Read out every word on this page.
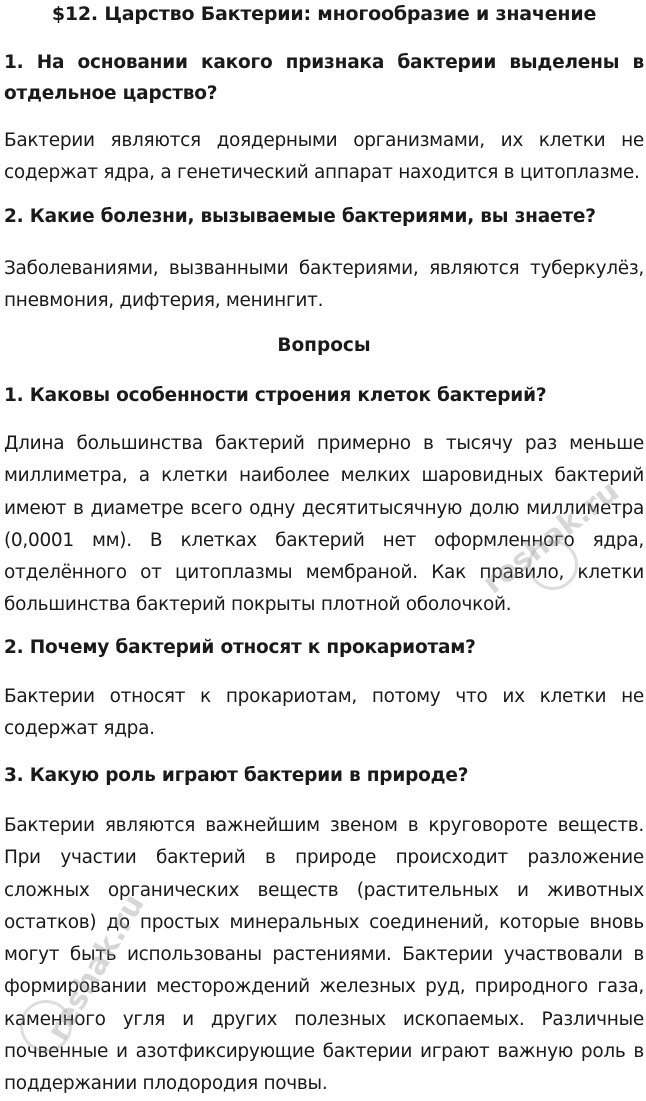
$12. Царство Бактерии: многообразие и значение
1. На основании какого признака бактерии выделены в отдельное царство?
Бактерии являются доядерными организмами, их клетки не содержат ядра, а генетический аппарат находится в цитоплазме.
2. Какие болезни, вызываемые бактериями, вы знаете?
Заболеваниями, вызванными бактериями, являются туберкулёз, пневмония, дифтерия, менингит.
Вопросы
1. Каковы особенности строения клеток бактерий?
Длина большинства бактерий примерно в тысячу раз меньше миллиметра, а клетки наиболее мелких шаровидных бактерий имеют в диаметре всего одну десятитысячную долю миллиметра (0,0001 мм). В клетках бактерий нет оформленного ядра, отделённого от цитоплазмы мембраной. Как правило, клетки большинства бактерий покрыты плотной оболочкой.
2. Почему бактерий относят к прокариотам?
Бактерии относят к прокариотам, потому что их клетки не содержат ядра.
3. Какую роль играют бактерии в природе?
Бактерии являются важнейшим звеном в круговороте веществ. При участии бактерий в природе происходит разложение сложных органических веществ (растительных и животных остатков) до простых минеральных соединений, которые вновь могут быть использованы растениями. Бактерии участвовали в формировании месторождений железных руд, природного газа, каменного угля и других полезных ископаемых. Различные почвенные и азотфиксирующие бактерии играют важную роль в поддержании плодородия почвы.
reshak.ru
reshak.ru
